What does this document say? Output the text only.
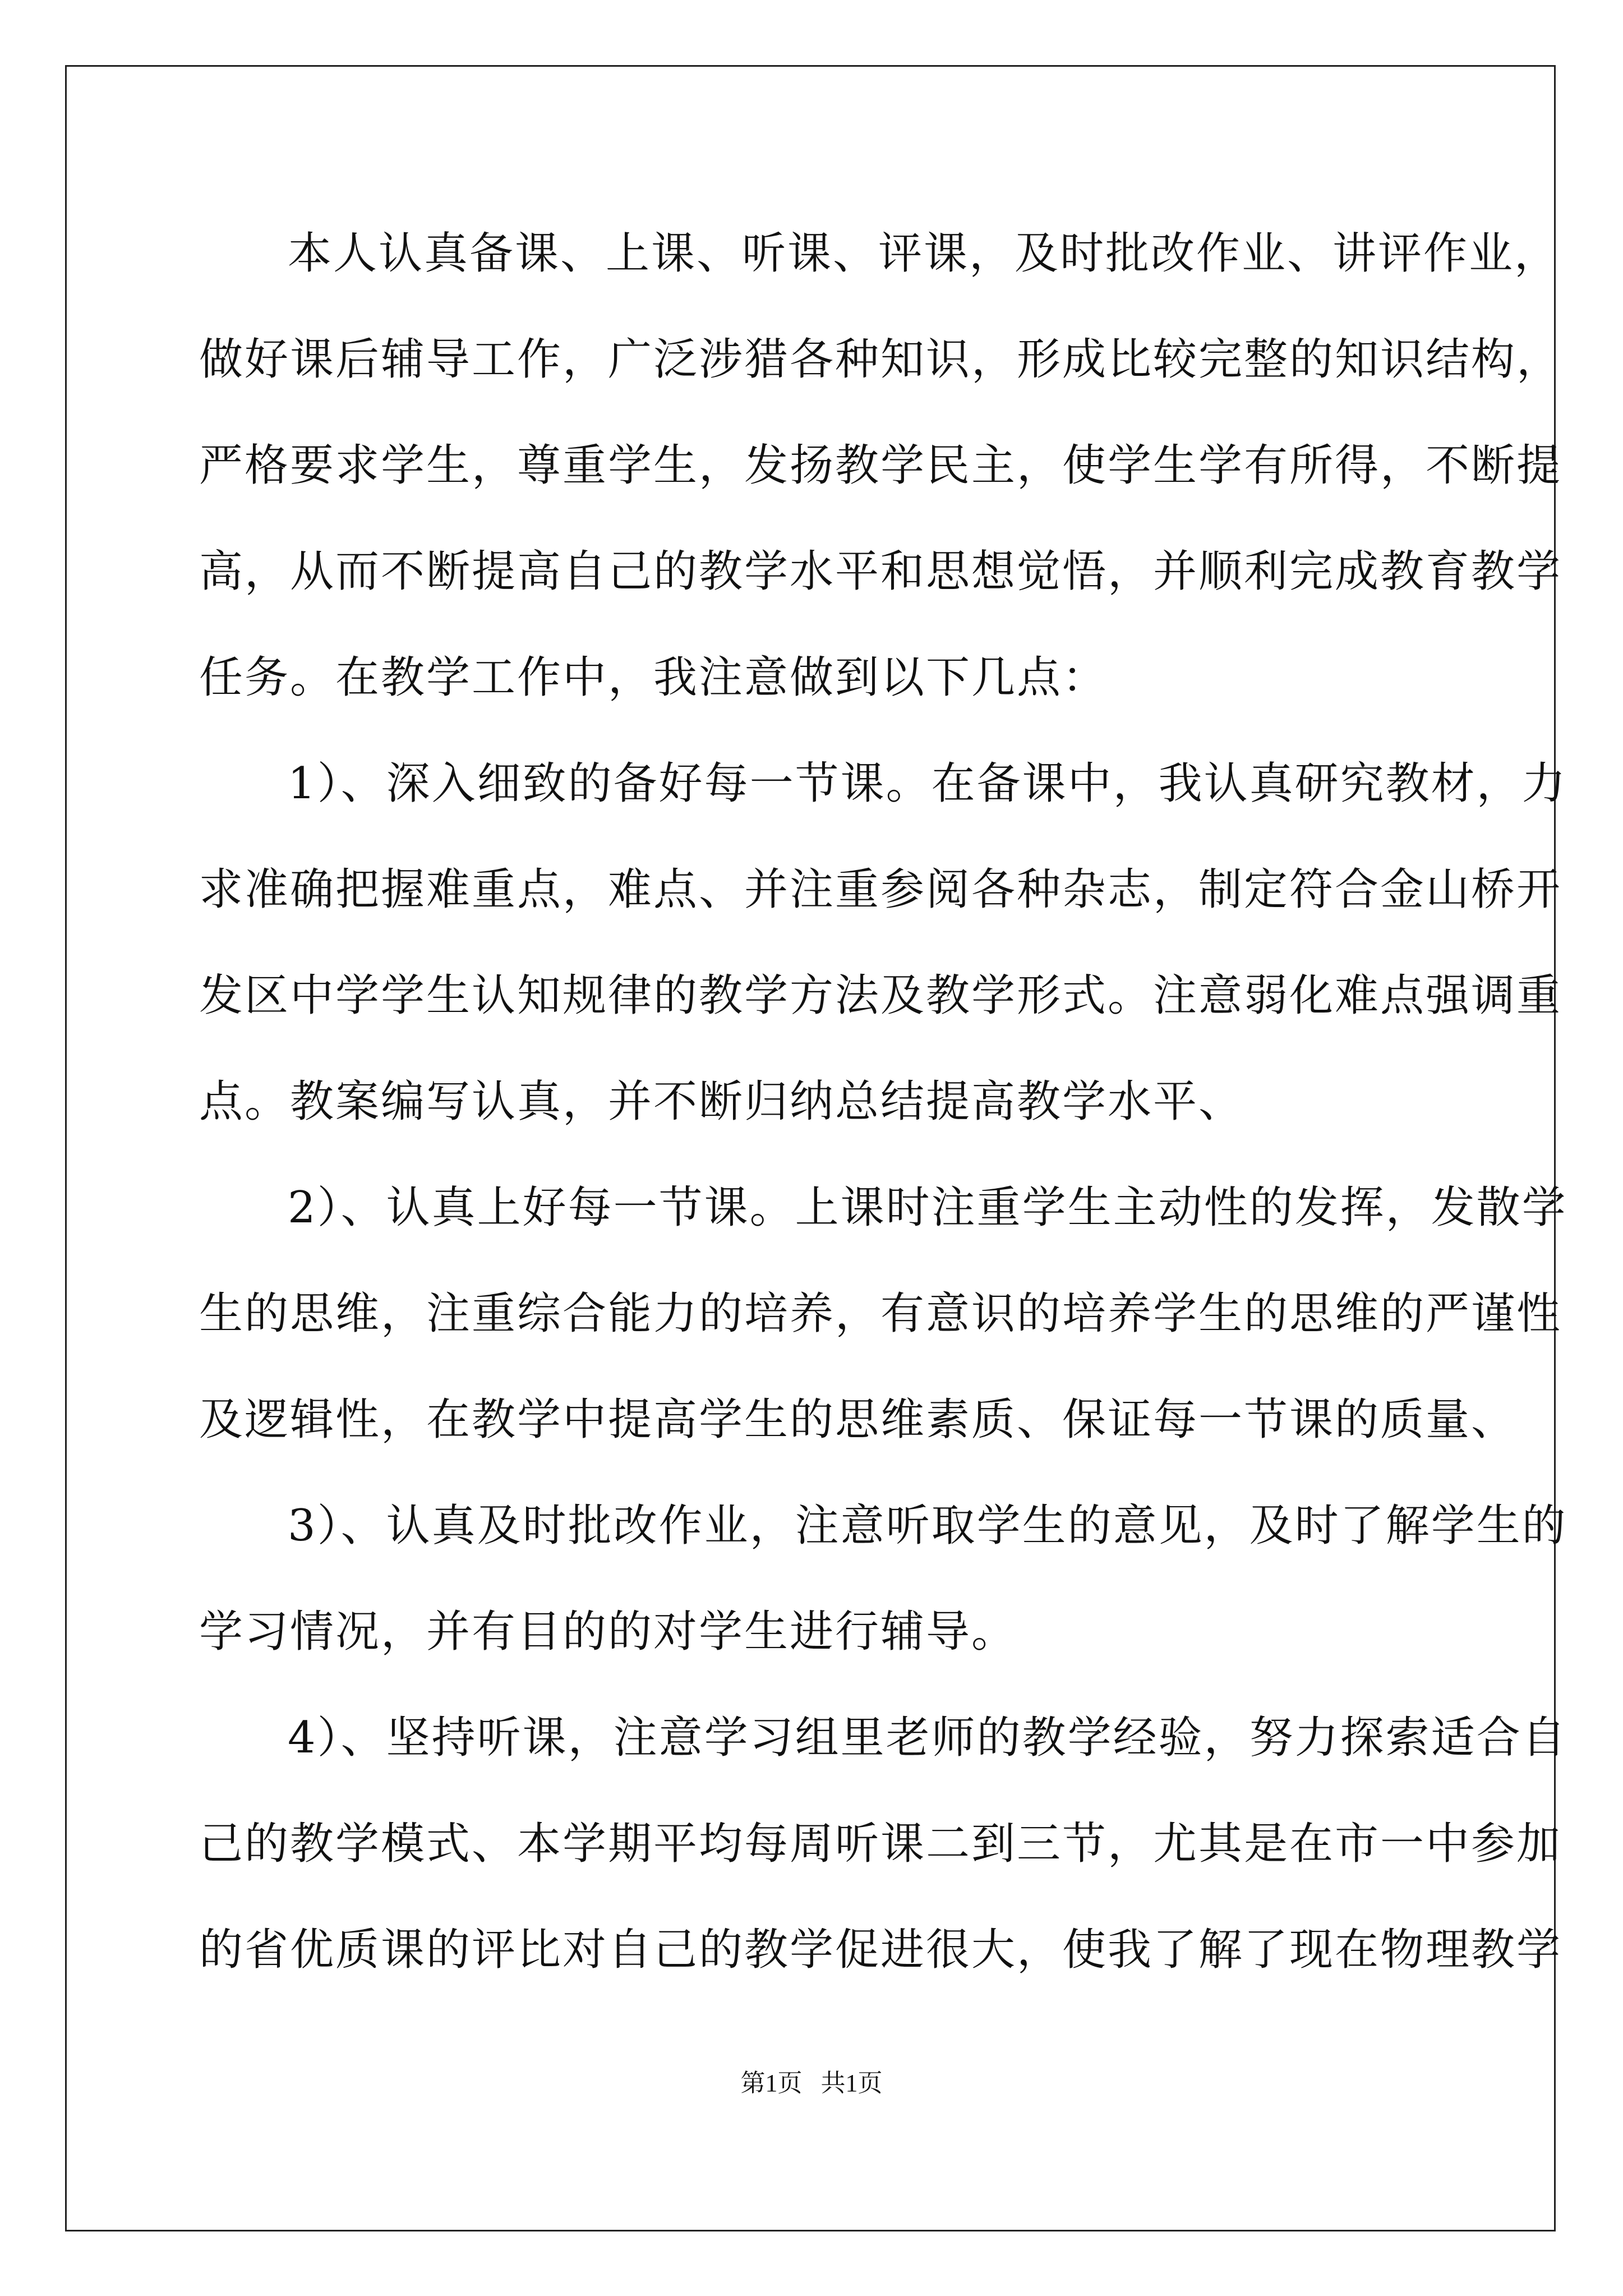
本人认真备课、上课、听课、评课，及时批改作业、讲评作业，
做好课后辅导工作，广泛涉猎各种知识，形成比较完整的知识结构，
严格要求学生，尊重学生，发扬教学民主，使学生学有所得，不断提
高，从而不断提高自己的教学水平和思想觉悟，并顺利完成教育教学
任务。在教学工作中，我注意做到以下几点：
1）、深入细致的备好每一节课。在备课中，我认真研究教材，力
求准确把握难重点，难点、并注重参阅各种杂志，制定符合金山桥开
发区中学学生认知规律的教学方法及教学形式。注意弱化难点强调重
点。教案编写认真，并不断归纳总结提高教学水平、
2）、认真上好每一节课。上课时注重学生主动性的发挥，发散学
生的思维，注重综合能力的培养，有意识的培养学生的思维的严谨性
及逻辑性，在教学中提高学生的思维素质、保证每一节课的质量、
3）、认真及时批改作业，注意听取学生的意见，及时了解学生的
学习情况，并有目的的对学生进行辅导。
4）、坚持听课，注意学习组里老师的教学经验，努力探索适合自
己的教学模式、本学期平均每周听课二到三节，尤其是在市一中参加
的省优质课的评比对自己的教学促进很大，使我了解了现在物理教学
第1页   共1页
